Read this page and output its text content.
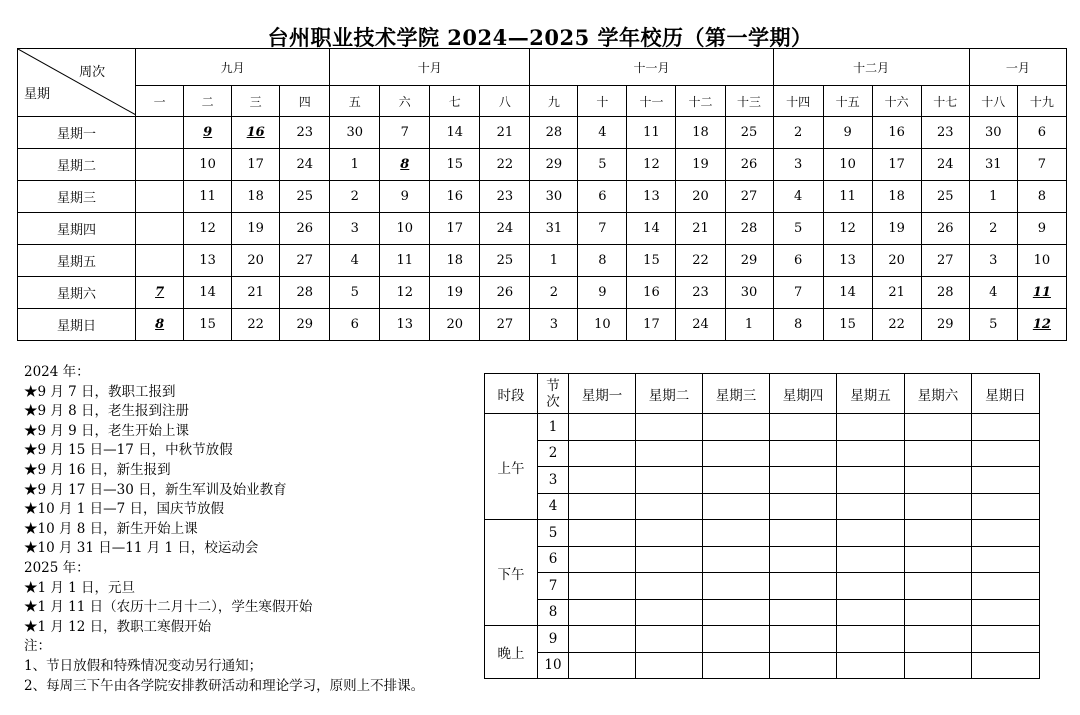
台州职业技术学院 2024—2025 学年校历（第一学期）
周次
星期	九月				十月				十一月					十二月				一月	
	一	二	三	四	五	六	七	八	九	十	十一	十二	十三	十四	十五	十六	十七	十八	十九
星期一		9	16	23	30	7	14	21	28	4	11	18	25	2	9	16	23	30	6
星期二		10	17	24	1	8	15	22	29	5	12	19	26	3	10	17	24	31	7
星期三		11	18	25	2	9	16	23	30	6	13	20	27	4	11	18	25	1	8
星期四		12	19	26	3	10	17	24	31	7	14	21	28	5	12	19	26	2	9
星期五		13	20	27	4	11	18	25	1	8	15	22	29	6	13	20	27	3	10
星期六	7	14	21	28	5	12	19	26	2	9	16	23	30	7	14	21	28	4	11
星期日	8	15	22	29	6	13	20	27	3	10	17	24	1	8	15	22	29	5	12
2024 年：
★9 月 7 日，教职工报到
★9 月 8 日，老生报到注册
★9 月 9 日，老生开始上课
★9 月 15 日—17 日，中秋节放假
★9 月 16 日，新生报到
★9 月 17 日—30 日，新生军训及始业教育
★10 月 1 日—7 日，国庆节放假
★10 月 8 日，新生开始上课
★10 月 31 日—11 月 1 日，校运动会
2025 年：
★1 月 1 日，元旦
★1 月 11 日（农历十二月十二），学生寒假开始
★1 月 12 日，教职工寒假开始
注：
1、节日放假和特殊情况变动另行通知；
2、每周三下午由各学院安排教研活动和理论学习，原则上不排课。
时段	节
次	星期一	星期二	星期三	星期四	星期五	星期六	星期日
上午	1							
	2							
	3							
	4							
下午	5							
	6							
	7							
	8							
晚上	9							
	10							
